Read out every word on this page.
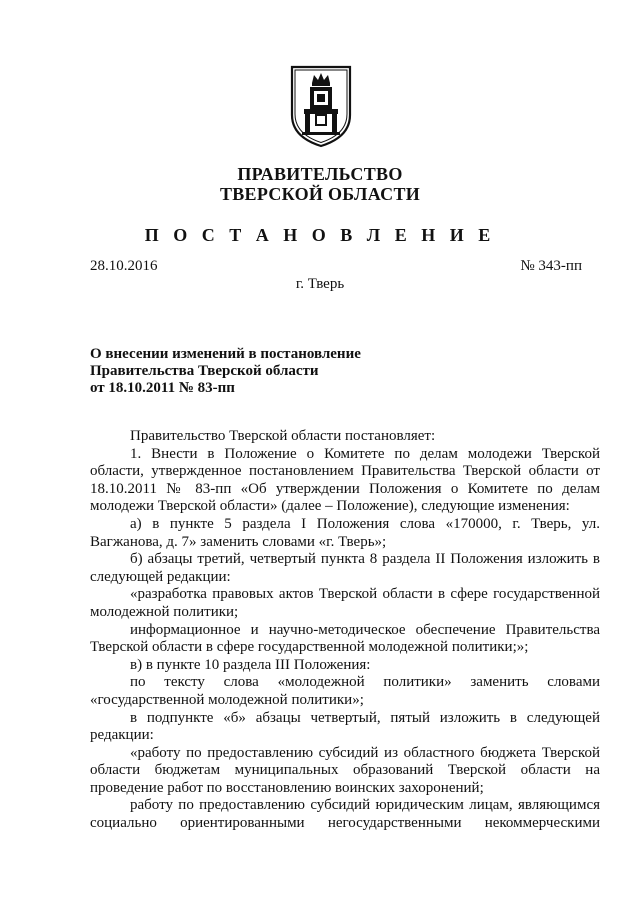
ПРАВИТЕЛЬСТВО
ТВЕРСКОЙ ОБЛАСТИ
П О С Т А Н О В Л Е Н И Е
28.10.2016	№ 343-пп
г. Тверь
О внесении изменений в постановление
Правительства Тверской области
от 18.10.2011 № 83-пп

Правительство Тверской области постановляет:

1. Внести в Положение о Комитете по делам молодежи Тверской области, утвержденное постановлением Правительства Тверской области от 18.10.2011 № 83-пп «Об утверждении Положения о Комитете по делам молодежи Тверской области» (далее – Положение), следующие изменения:

а) в пункте 5 раздела I Положения слова «170000, г. Тверь, ул. Вагжанова, д. 7» заменить словами «г. Тверь»;

б) абзацы третий, четвертый пункта 8 раздела II Положения изложить в следующей редакции:

«разработка правовых актов Тверской области в сфере государственной молодежной политики;

информационное и научно-методическое обеспечение Правительства Тверской области в сфере государственной молодежной политики;»;

в) в пункте 10 раздела III Положения:

по тексту слова «молодежной политики» заменить словами «государственной молодежной политики»;

в подпункте «б» абзацы четвертый, пятый изложить в следующей редакции:

«работу по предоставлению субсидий из областного бюджета Тверской области бюджетам муниципальных образований Тверской области на проведение работ по восстановлению воинских захоронений;

работу по предоставлению субсидий юридическим лицам, являющимся социально ориентированными негосударственными некоммерческими
